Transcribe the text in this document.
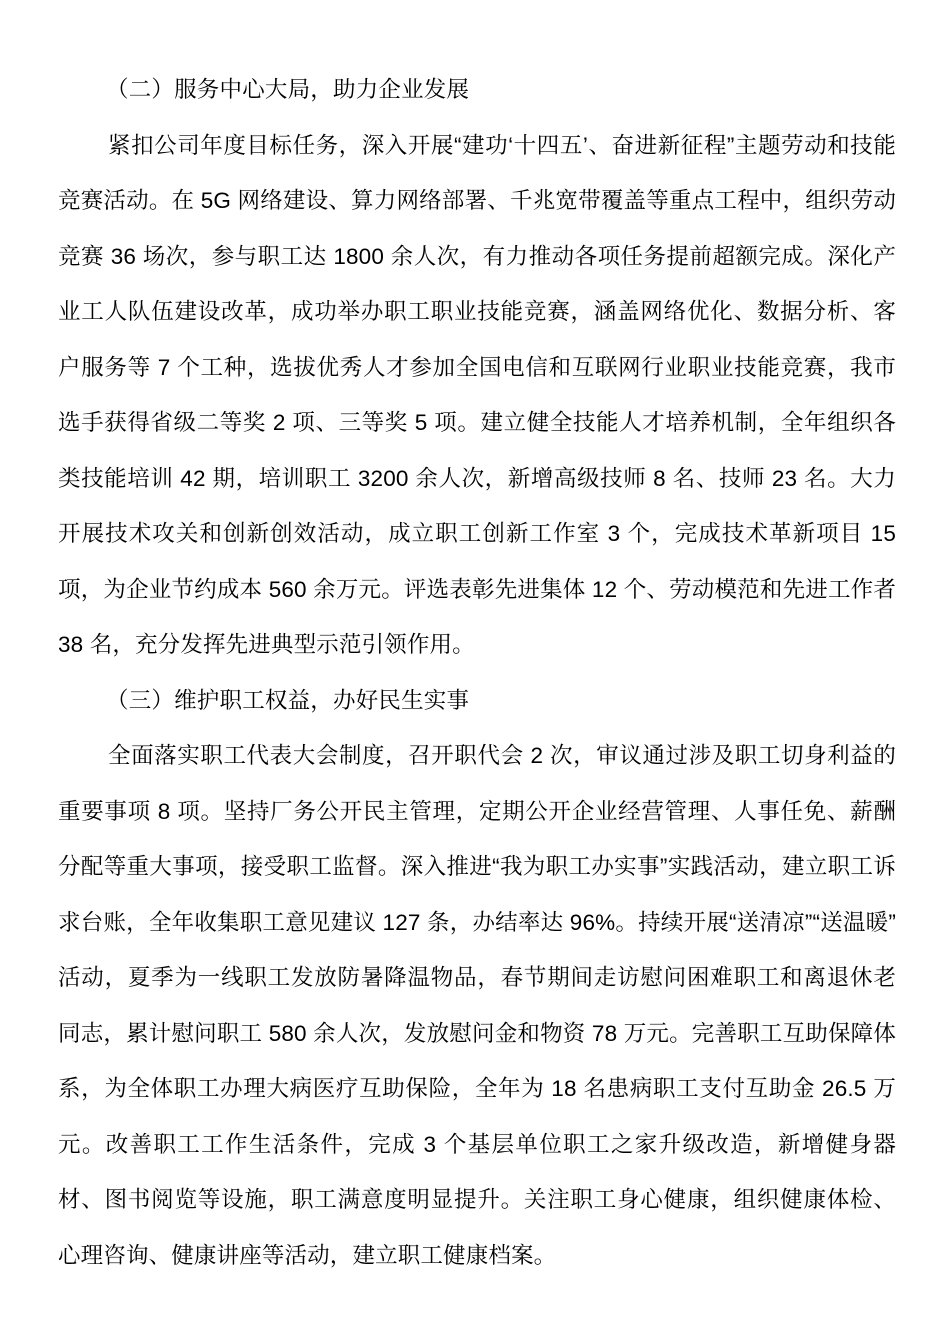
（二）服务中心大局，助力企业发展

紧扣公司年度目标任务，深入开展“建功‘十四五’、奋进新征程”主题劳动和技能竞赛活动。在 5G 网络建设、算力网络部署、千兆宽带覆盖等重点工程中，组织劳动竞赛 36 场次，参与职工达 1800 余人次，有力推动各项任务提前超额完成。深化产业工人队伍建设改革，成功举办职工职业技能竞赛，涵盖网络优化、数据分析、客户服务等 7 个工种，选拔优秀人才参加全国电信和互联网行业职业技能竞赛，我市选手获得省级二等奖 2 项、三等奖 5 项。建立健全技能人才培养机制，全年组织各类技能培训 42 期，培训职工 3200 余人次，新增高级技师 8 名、技师 23 名。大力开展技术攻关和创新创效活动，成立职工创新工作室 3 个，完成技术革新项目 15 项，为企业节约成本 560 余万元。评选表彰先进集体 12 个、劳动模范和先进工作者 38 名，充分发挥先进典型示范引领作用。

（三）维护职工权益，办好民生实事

全面落实职工代表大会制度，召开职代会 2 次，审议通过涉及职工切身利益的重要事项 8 项。坚持厂务公开民主管理，定期公开企业经营管理、人事任免、薪酬分配等重大事项，接受职工监督。深入推进“我为职工办实事”实践活动，建立职工诉求台账，全年收集职工意见建议 127 条，办结率达 96%。持续开展“送清凉”“送温暖”活动，夏季为一线职工发放防暑降温物品，春节期间走访慰问困难职工和离退休老同志，累计慰问职工 580 余人次，发放慰问金和物资 78 万元。完善职工互助保障体系，为全体职工办理大病医疗互助保险，全年为 18 名患病职工支付互助金 26.5 万元。改善职工工作生活条件，完成 3 个基层单位职工之家升级改造，新增健身器材、图书阅览等设施，职工满意度明显提升。关注职工身心健康，组织健康体检、心理咨询、健康讲座等活动，建立职工健康档案。
